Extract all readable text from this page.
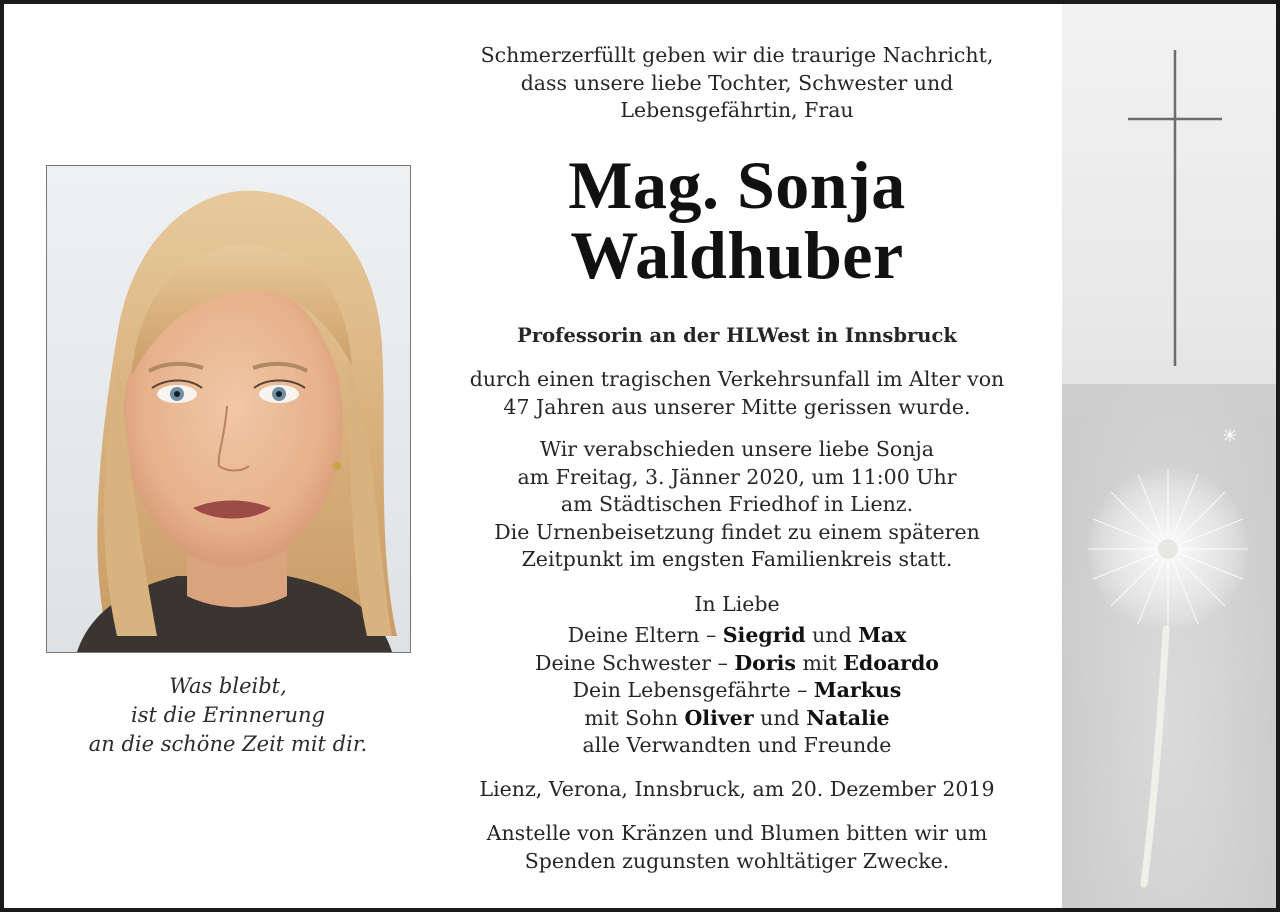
Was bleibt,
ist die Erinnerung
an die schöne Zeit mit dir.
Schmerzerfüllt geben wir die traurige Nachricht,
dass unsere liebe Tochter, Schwester und
Lebensgefährtin, Frau
Mag. Sonja
Waldhuber
Professorin an der HLWest in Innsbruck
durch einen tragischen Verkehrsunfall im Alter von
47 Jahren aus unserer Mitte gerissen wurde.
Wir verabschieden unsere liebe Sonja
am Freitag, 3. Jänner 2020, um 11:00 Uhr
am Städtischen Friedhof in Lienz.
Die Urnenbeisetzung findet zu einem späteren
Zeitpunkt im engsten Familienkreis statt.
In Liebe
Deine Eltern – Siegrid und Max
Deine Schwester – Doris mit Edoardo
Dein Lebensgefährte – Markus
mit Sohn Oliver und Natalie
alle Verwandten und Freunde
Lienz, Verona, Innsbruck, am 20. Dezember 2019
Anstelle von Kränzen und Blumen bitten wir um
Spenden zugunsten wohltätiger Zwecke.
